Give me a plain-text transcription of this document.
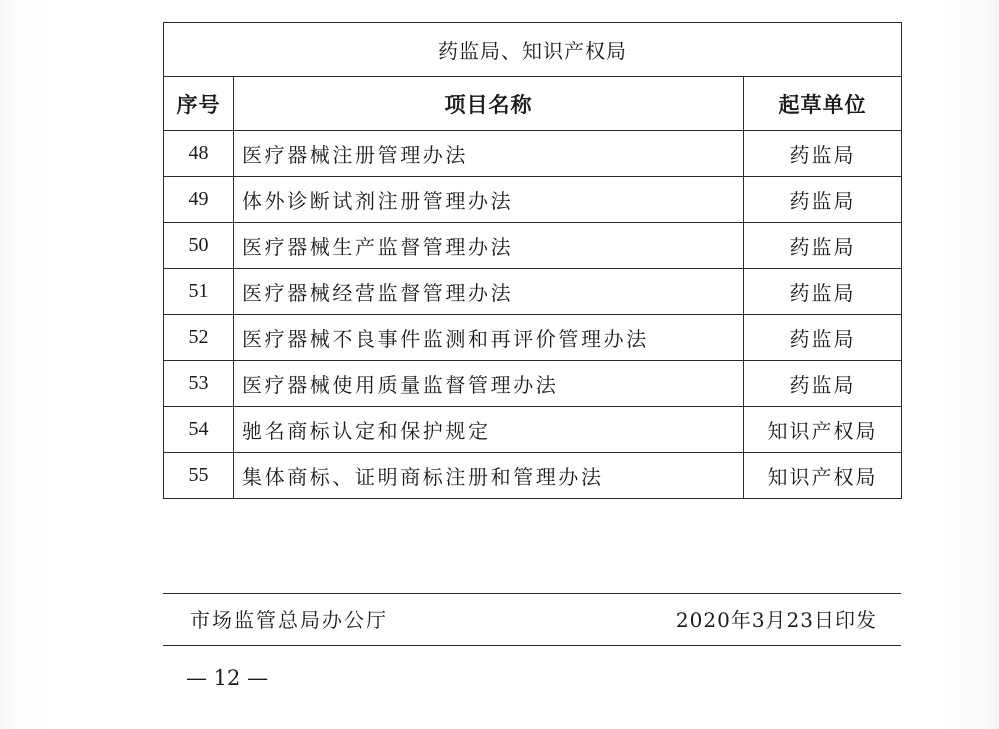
药监局、知识产权局		
序号	项目名称	起草单位
48	医疗器械注册管理办法	药监局
49	体外诊断试剂注册管理办法	药监局
50	医疗器械生产监督管理办法	药监局
51	医疗器械经营监督管理办法	药监局
52	医疗器械不良事件监测和再评价管理办法	药监局
53	医疗器械使用质量监督管理办法	药监局
54	驰名商标认定和保护规定	知识产权局
55	集体商标、证明商标注册和管理办法	知识产权局
市场监管总局办公厅	2020年3月23日印发
— 12 —
